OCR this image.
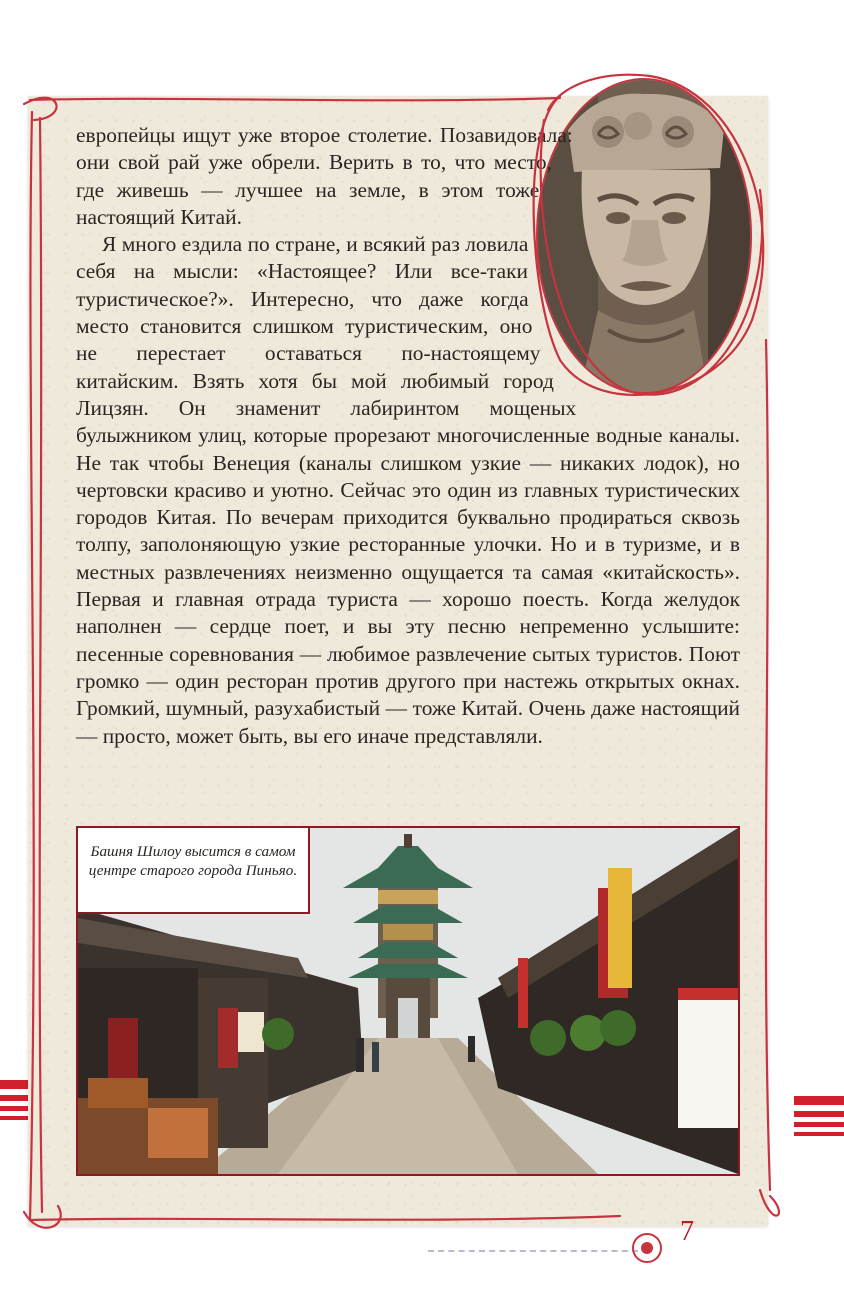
европейцы ищут уже второе столетие. Позавидовала: они свой рай уже обрели. Верить в то, что место, где живешь — лучшее на земле, в этом тоже настоящий Китай.

Я много ездила по стране, и всякий раз ловила себя на мысли: «Настоящее? Или все-таки туристическое?». Интересно, что даже когда место становится слишком туристическим, оно не перестает оставаться по-настоящему китайским. Взять хотя бы мой любимый город Лицзян. Он знаменит лабиринтом мощеных булыжником улиц, которые прорезают многочисленные водные каналы. Не так чтобы Венеция (каналы слишком узкие — никаких лодок), но чертовски красиво и уютно. Сейчас это один из главных туристических городов Китая. По вечерам приходится буквально продираться сквозь толпу, заполоняющую узкие ресторанные улочки. Но и в туризме, и в местных развлечениях неизменно ощущается та самая «китайскость». Первая и главная отрада туриста — хорошо поесть. Когда желудок наполнен — сердце поет, и вы эту песню непременно услышите: песенные соревнования — любимое развлечение сытых туристов. Поют громко — один ресторан против другого при настежь открытых окнах. Громкий, шумный, разухабистый — тоже Китай. Очень даже настоящий — просто, может быть, вы его иначе представляли.

Башня Шилоу высится в самом центре старого города Пиньяо.
7
